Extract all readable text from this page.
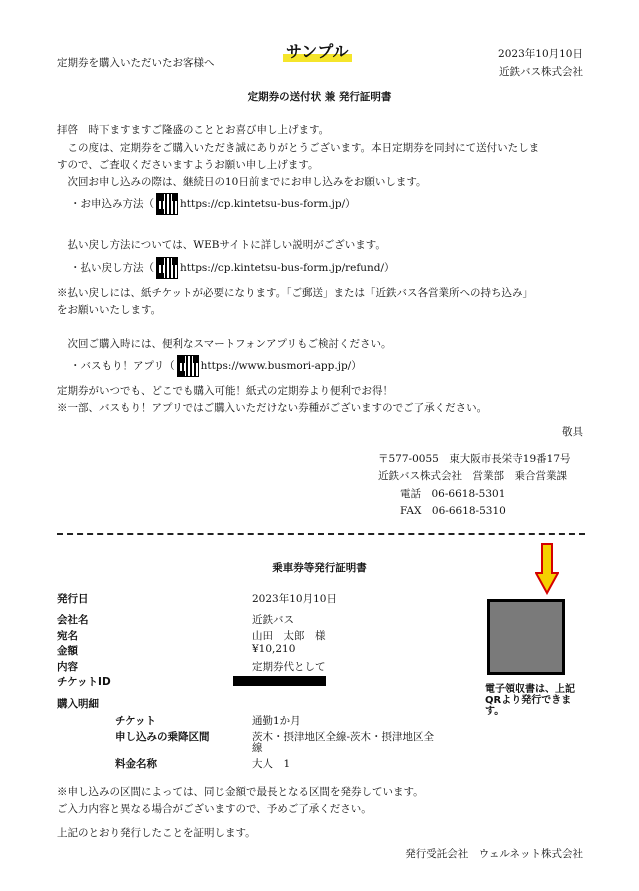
定期券を購入いただいたお客様へ
サンプル	2023年10月10日
近鉄バス株式会社
定期券の送付状 兼 発行証明書
拝啓　時下ますますご隆盛のこととお喜び申し上げます。
　この度は、定期券をご購入いただき誠にありがとうございます。本日定期券を同封にて送付いたしま
すので、ご査収くださいますようお願い申し上げます。
　次回お申し込みの際は、継続日の10日前までにお申し込みをお願いします。
・お申込み方法（ https://cp.kintetsu-bus-form.jp/）
　払い戻し方法については、WEBサイトに詳しい説明がございます。
・払い戻し方法（ https://cp.kintetsu-bus-form.jp/refund/）
※払い戻しには、紙チケットが必要になります。「ご郵送」または「近鉄バス各営業所への持ち込み」
をお願いいたします。
　次回ご購入時には、便利なスマートフォンアプリもご検討ください。
・バスもり！アプリ（ https://www.busmori-app.jp/）
定期券がいつでも、どこでも購入可能！紙式の定期券より便利でお得！
※一部、バスもり！アプリではご購入いただけない券種がございますのでご了承ください。
敬具
〒577-0055　東大阪市長栄寺19番17号
近鉄バス株式会社　営業部　乗合営業課
電話　06-6618-5301
FAX　06-6618-5310
乗車券等発行証明書
発行日	2023年10月10日
会社名	近鉄バス
宛名	山田　太郎　様
金額	¥10,210
内容	定期券代として
チケットID
電子領収書は、上記QRより発行できます。
購入明細
チケット	通勤1か月
申し込みの乗降区間	茨木・摂津地区全線-茨木・摂津地区全
線
料金名称	大人　1
※申し込みの区間によっては、同じ金額で最長となる区間を発券しています。
ご入力内容と異なる場合がございますので、予めご了承ください。
上記のとおり発行したことを証明します。
発行受託会社　ウェルネット株式会社
